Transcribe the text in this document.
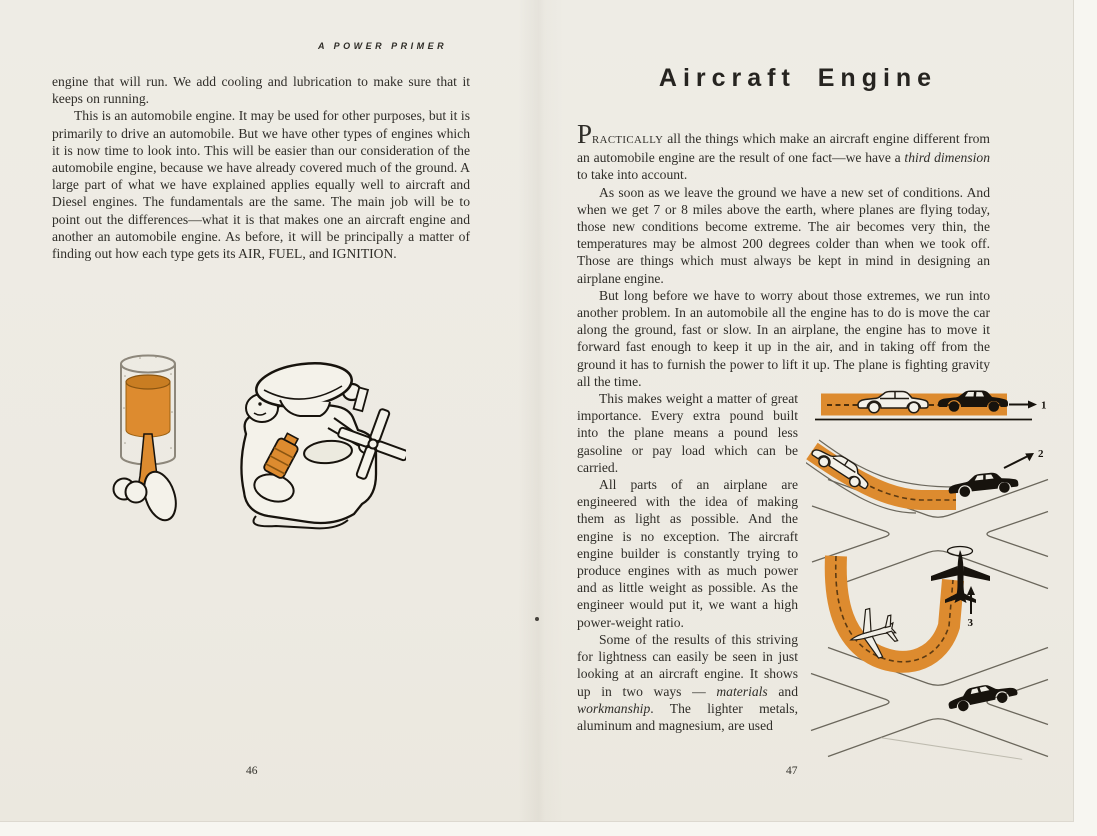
A POWER PRIMER

engine that will run. We add cooling and lubrication to make sure that it keeps on running.

This is an automobile engine. It may be used for other purposes, but it is primarily to drive an automobile. But we have other types of engines which it is now time to look into. This will be easier than our consideration of the automobile engine, because we have already covered much of the ground. A large part of what we have explained applies equally well to aircraft and Diesel engines. The fundamentals are the same. The main job will be to point out the differences—what it is that makes one an aircraft engine and another an automobile engine. As before, it will be principally a matter of finding out how each type gets its AIR, FUEL, and IGNITION.

46
Aircraft Engine

PRACTICALLY all the things which make an aircraft engine different from an automobile engine are the result of one fact—we have a third dimension to take into account.

As soon as we leave the ground we have a new set of conditions. And when we get 7 or 8 miles above the earth, where planes are flying today, those new conditions become extreme. The air becomes very thin, the temperatures may be almost 200 degrees colder than when we took off. Those are things which must always be kept in mind in designing an airplane engine.

But long before we have to worry about those extremes, we run into another problem. In an automobile all the engine has to do is move the car along the ground, fast or slow. In an airplane, the engine has to move it forward fast enough to keep it up in the air, and in taking off from the ground it has to furnish the power to lift it up. The plane is fighting gravity all the time.

This makes weight a matter of great importance. Every extra pound built into the plane means a pound less gasoline or pay load which can be carried.

All parts of an airplane are engineered with the idea of making them as light as possible. And the engine is no exception. The aircraft engine builder is constantly trying to produce engines with as much power and as little weight as possible. As the engineer would put it, we want a high power-weight ratio.

Some of the results of this striving for lightness can easily be seen in just looking at an aircraft engine. It shows up in two ways — materials and workmanship. The lighter metals, aluminum and magnesium, are used

1
2
3
47
